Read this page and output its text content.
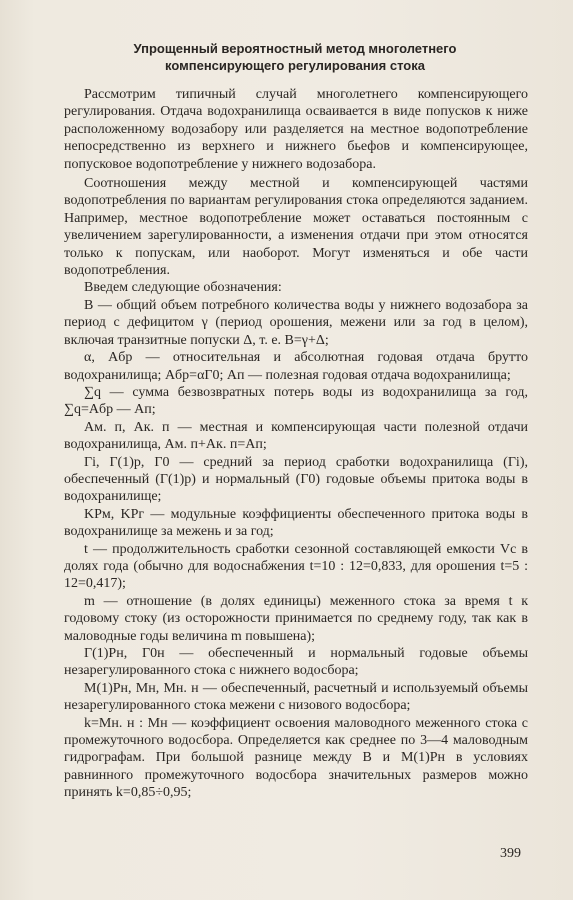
Упрощенный вероятностный метод многолетнего
компенсирующего регулирования стока

Рассмотрим типичный случай многолетнего компенсирующего регулирования. Отдача водохранилища осваивается в виде попусков к ниже расположенному водозабору или разделяется на местное водопотребление непосредственно из верхнего и нижнего бьефов и компенсирующее, попусковое водопотребление у нижнего водозабора.

Соотношения между местной и компенсирующей частями водопотребления по вариантам регулирования стока определяются заданием. Например, местное водопотребление может оставаться постоянным с увеличением зарегулированности, а изменения отдачи при этом относятся только к попускам, или наоборот. Могут изменяться и обе части водопотребления.

Введем следующие обозначения:

B — общий объем потребного количества воды у нижнего водозабора за период с дефицитом γ (период орошения, межени или за год в целом), включая транзитные попуски Δ, т. е. B=γ+Δ;

α, Aбр — относительная и абсолютная годовая отдача брутто водохранилища; Aбр=αГ0; Aп — полезная годовая отдача водохранилища;

∑q — сумма безвозвратных потерь воды из водохранилища за год, ∑q=Aбр — Aп;

Aм. п, Aк. п — местная и компенсирующая части полезной отдачи водохранилища, Aм. п+Aк. п=Aп;

Гi, Г(1)p, Г0 — средний за период сработки водохранилища (Гi), обеспеченный (Г(1)p) и нормальный (Г0) годовые объемы притока воды в водохранилище;

KPм, KPг — модульные коэффициенты обеспеченного притока воды в водохранилище за межень и за год;

t — продолжительность сработки сезонной составляющей емкости Vс в долях года (обычно для водоснабжения t=10 : 12=0,833, для орошения t=5 : 12=0,417);

m — отношение (в долях единицы) меженного стока за время t к годовому стоку (из осторожности принимается по среднему году, так как в маловодные годы величина m повышена);

Г(1)Рн, Г0н — обеспеченный и нормальный годовые объемы незарегулированного стока с нижнего водосбора;

M(1)Рн, Mн, Mн. н — обеспеченный, расчетный и используемый объемы незарегулированного стока межени с низового водосбора;

k=Mн. н : Mн — коэффициент освоения маловодного меженного стока с промежуточного водосбора. Определяется как среднее по 3—4 маловодным гидрографам. При большой разнице между B и M(1)Рн в условиях равнинного промежуточного водосбора значительных размеров можно принять k=0,85÷0,95;

399
